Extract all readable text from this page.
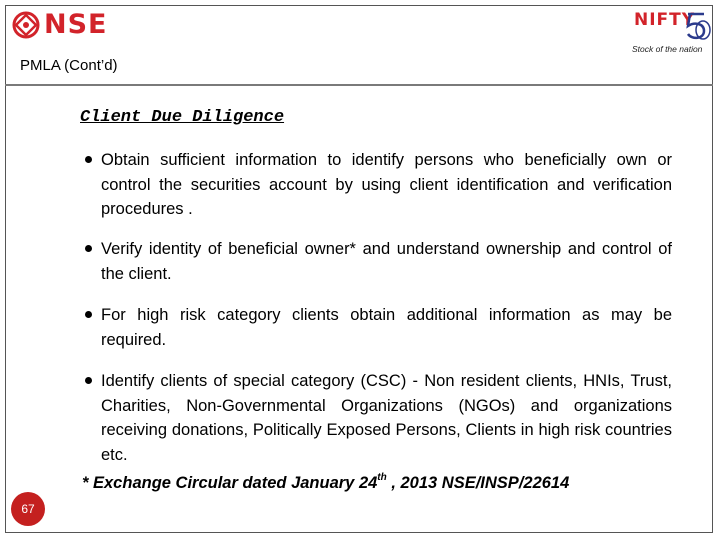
NSE	NIFTY
Stock of the nation
PMLA (Cont’d)
Client Due Diligence
Obtain sufficient information to identify persons who beneficially own or control the securities account by using client identification and verification procedures .
Verify identity of beneficial owner* and understand ownership and control of the client.
For high risk category clients obtain additional information as may be required.
Identify clients of special category (CSC) - Non resident clients, HNIs, Trust, Charities, Non-Governmental Organizations (NGOs) and organizations receiving donations, Politically Exposed Persons, Clients in high risk countries etc.
* Exchange Circular dated January 24th , 2013 NSE/INSP/22614
67
